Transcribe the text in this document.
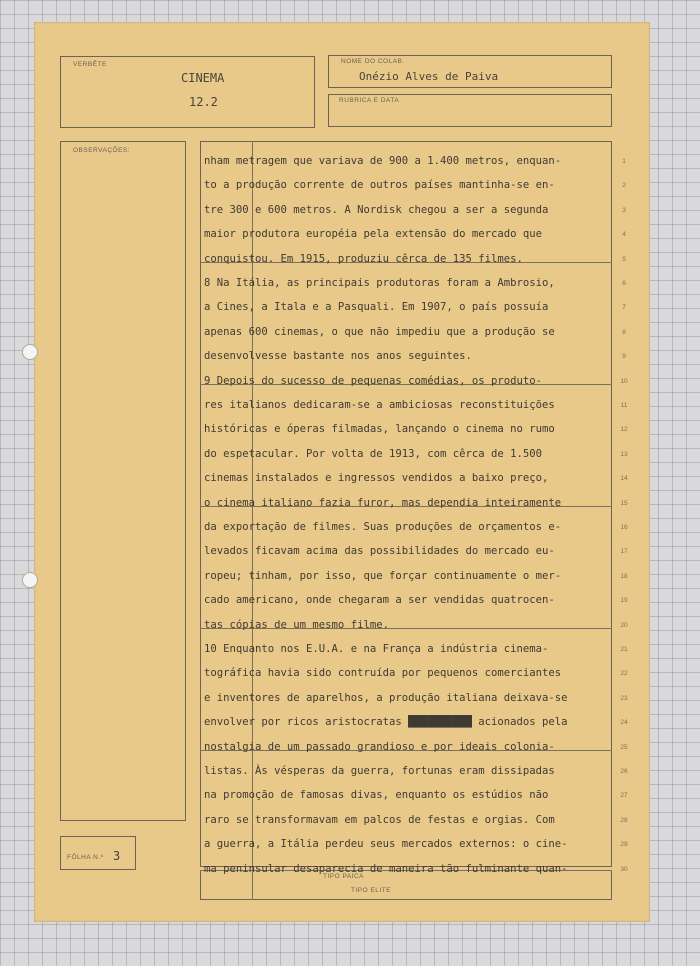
VERBÊTE
CINEMA
12.2
NOME DO COLAB.
Onézio Alves de Paiva
RUBRICA E DATA
OBSERVAÇÕES:
FÔLHA N.º 3
TIPO PAICA
TIPO ELITE
nham metragem que variava de 900 a 1.400 metros, enquan-	1
to a produção corrente de outros países mantinha-se en-	2
tre 300 e 600 metros. A Nordisk chegou a ser a segunda	3
maior produtora européia pela extensão do mercado que	4
conquistou. Em 1915, produziu cêrca de 135 filmes.	5
8 Na Itália, as principais produtoras foram a Ambrosio,	6
a Cines, a Itala e a Pasquali. Em 1907, o país possuía	7
apenas 600 cinemas, o que não impediu que a produção se	8
desenvolvesse bastante nos anos seguintes.	9
9 Depois do sucesso de pequenas comédias, os produto-	10
res italianos dedicaram-se a ambiciosas reconstituições	11
históricas e óperas filmadas, lançando o cinema no rumo	12
do espetacular. Por volta de 1913, com cêrca de 1.500	13
cinemas instalados e ingressos vendidos a baixo preço,	14
o cinema italiano fazia furor, mas dependia inteiramente	15
da exportação de filmes. Suas produções de orçamentos e-	16
levados ficavam acima das possibilidades do mercado eu-	17
ropeu; tinham, por isso, que forçar continuamente o mer-	18
cado americano, onde chegaram a ser vendidas quatrocen-	19
tas cópias de um mesmo filme.	20
10 Enquanto nos E.U.A. e na França a indústria cinema-	21
tográfica havia sido contruída por pequenos comerciantes	22
e inventores de aparelhos, a produção italiana deixava-se	23
envolver por ricos aristocratas ██████████ acionados pela	24
nostalgia de um passado grandioso e por ideais colonia-	25
listas. Às vésperas da guerra, fortunas eram dissipadas	26
na promoção de famosas divas, enquanto os estúdios não	27
raro se transformavam em palcos de festas e orgias. Com	28
a guerra, a Itália perdeu seus mercados externos: o cine-	29
ma peninsular desaparecia de maneira tão fulminante quan-	30
